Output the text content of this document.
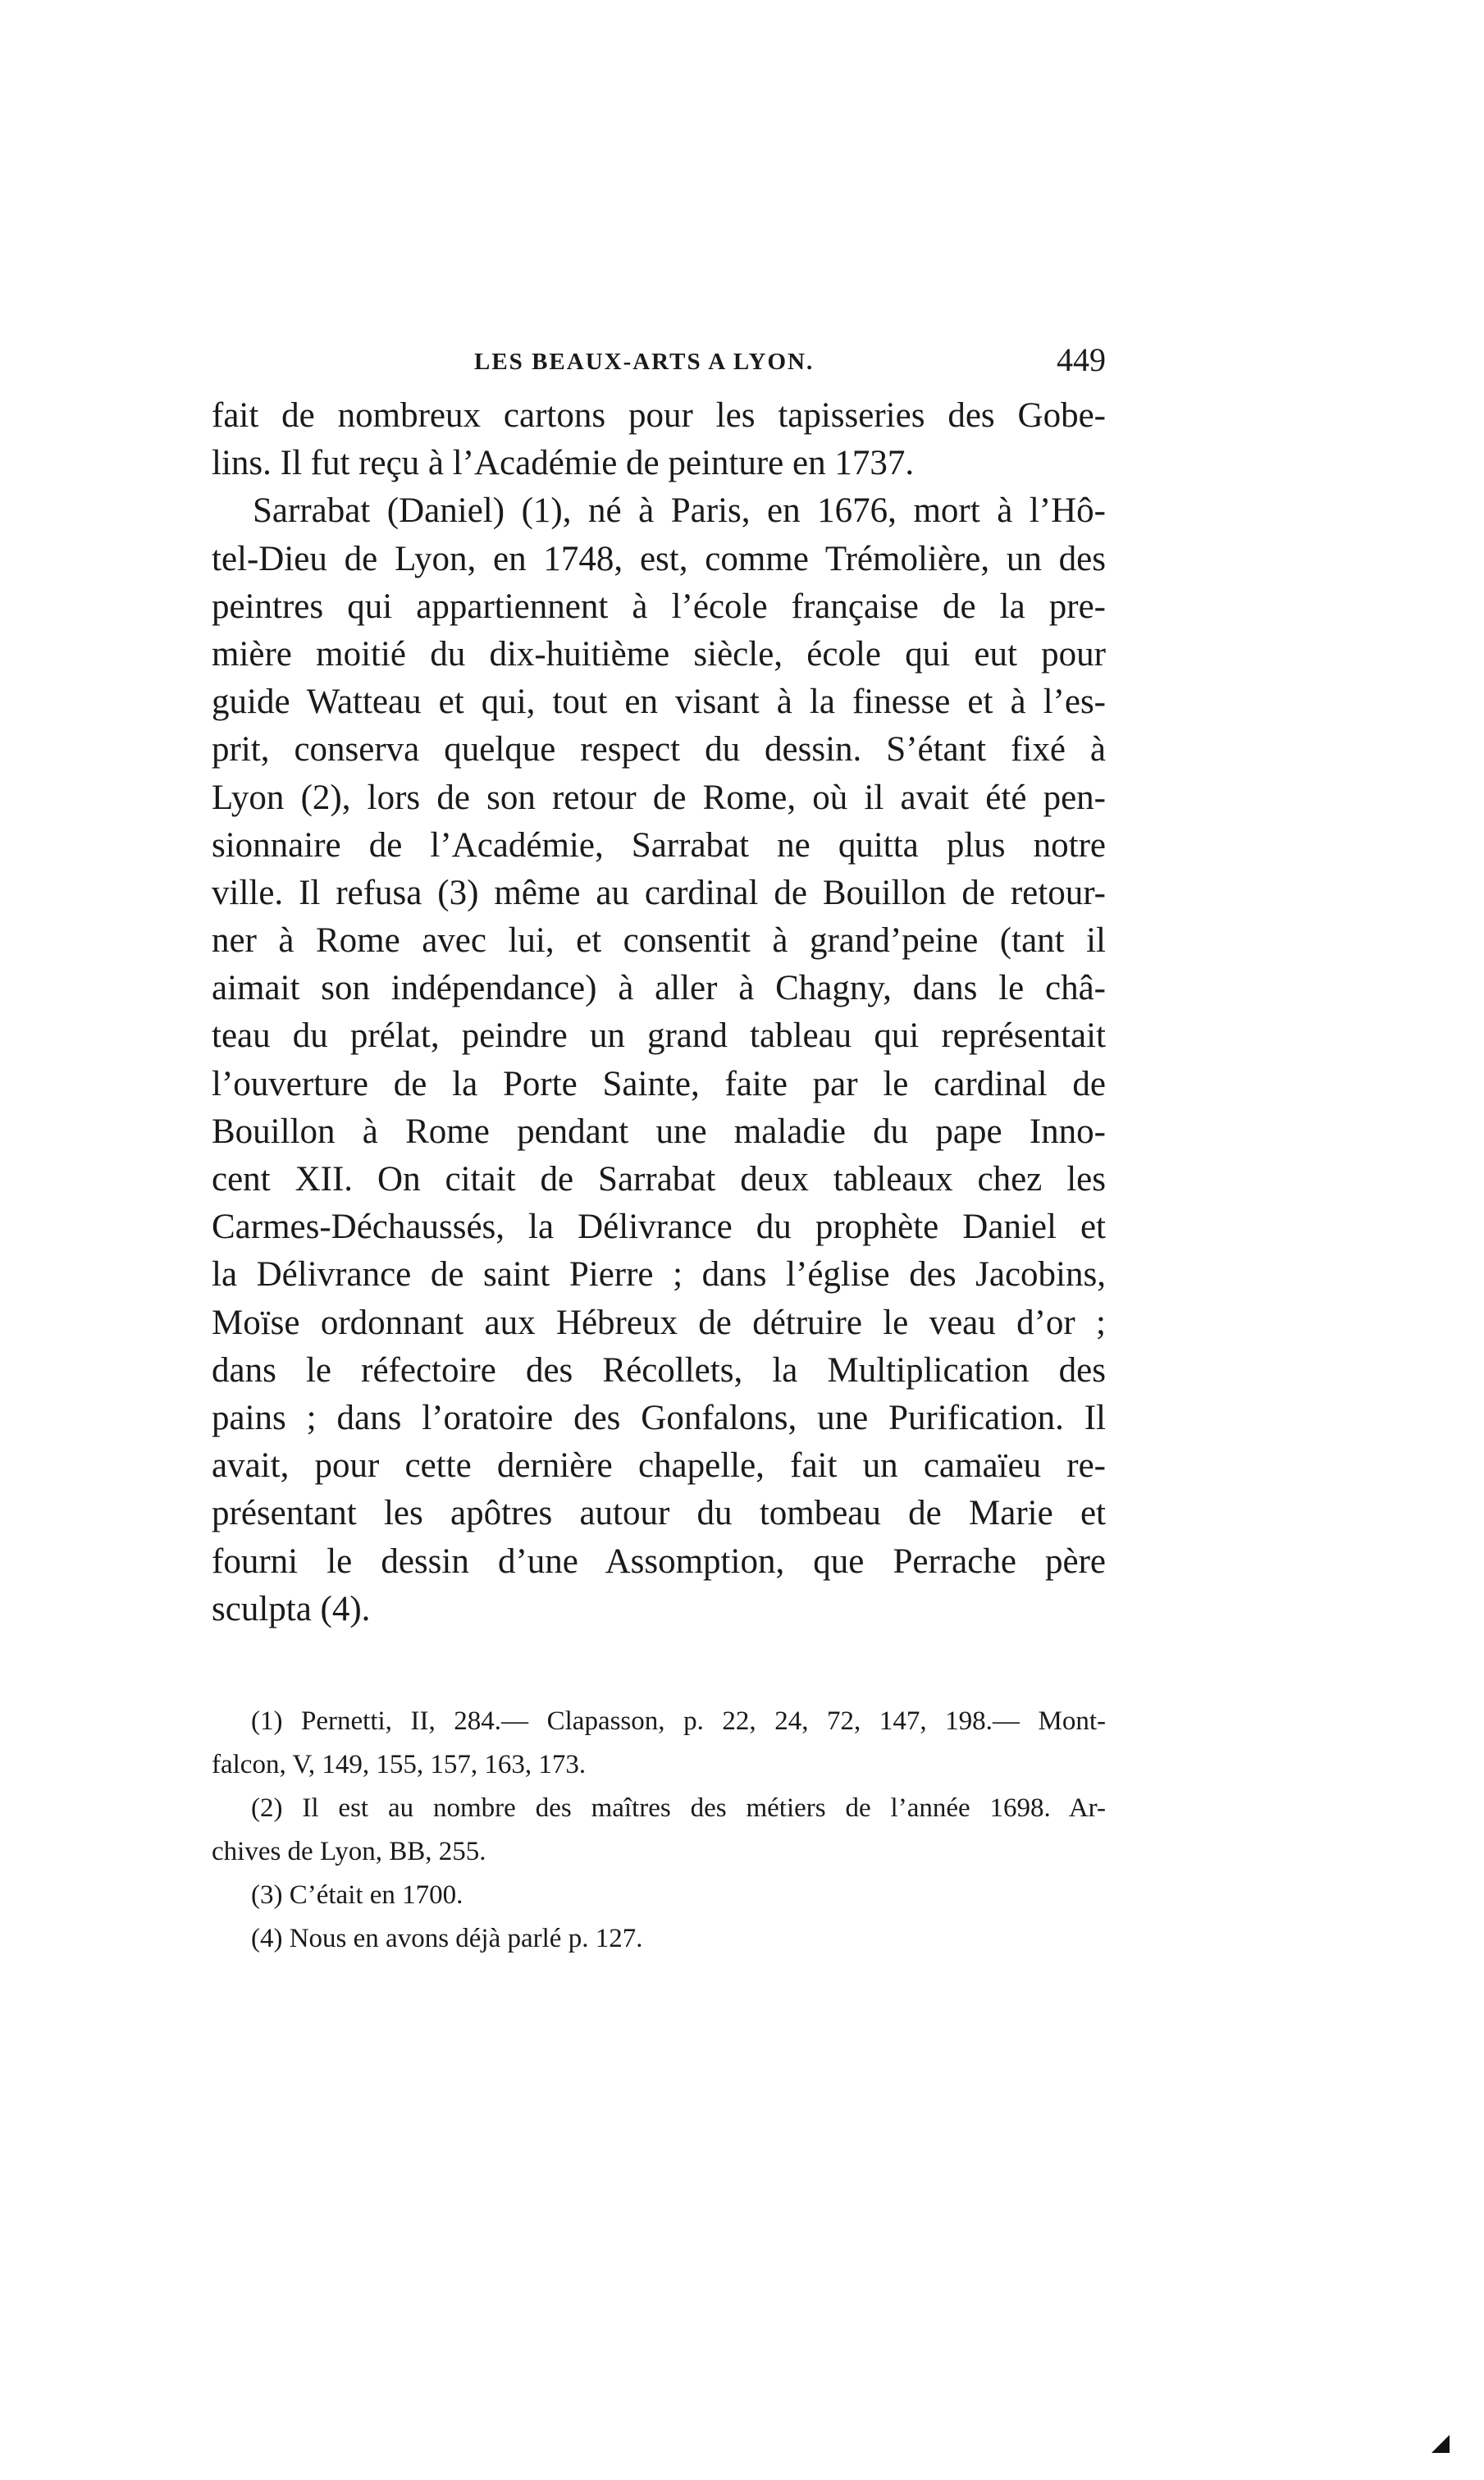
LES BEAUX-ARTS A LYON.	449
fait de nombreux cartons pour les tapisseries des Gobe-
lins. Il fut reçu à l’Académie de peinture en 1737.
Sarrabat (Daniel) (1), né à Paris, en 1676, mort à l’Hô-
tel-Dieu de Lyon, en 1748, est, comme Trémolière, un des
peintres qui appartiennent à l’école française de la pre-
mière moitié du dix-huitième siècle, école qui eut pour
guide Watteau et qui, tout en visant à la finesse et à l’es-
prit, conserva quelque respect du dessin. S’étant fixé à
Lyon (2), lors de son retour de Rome, où il avait été pen-
sionnaire de l’Académie, Sarrabat ne quitta plus notre
ville. Il refusa (3) même au cardinal de Bouillon de retour-
ner à Rome avec lui, et consentit à grand’peine (tant il
aimait son indépendance) à aller à Chagny, dans le châ-
teau du prélat, peindre un grand tableau qui représentait
l’ouverture de la Porte Sainte, faite par le cardinal de
Bouillon à Rome pendant une maladie du pape Inno-
cent XII. On citait de Sarrabat deux tableaux chez les
Carmes-Déchaussés, la Délivrance du prophète Daniel et
la Délivrance de saint Pierre ; dans l’église des Jacobins,
Moïse ordonnant aux Hébreux de détruire le veau d’or ;
dans le réfectoire des Récollets, la Multiplication des
pains ; dans l’oratoire des Gonfalons, une Purification. Il
avait, pour cette dernière chapelle, fait un camaïeu re-
présentant les apôtres autour du tombeau de Marie et
fourni le dessin d’une Assomption, que Perrache père
sculpta (4).
(1) Pernetti, II, 284.— Clapasson, p. 22, 24, 72, 147, 198.— Mont-
falcon, V, 149, 155, 157, 163, 173.
(2) Il est au nombre des maîtres des métiers de l’année 1698. Ar-
chives de Lyon, BB, 255.
(3) C’était en 1700.
(4) Nous en avons déjà parlé p. 127.
